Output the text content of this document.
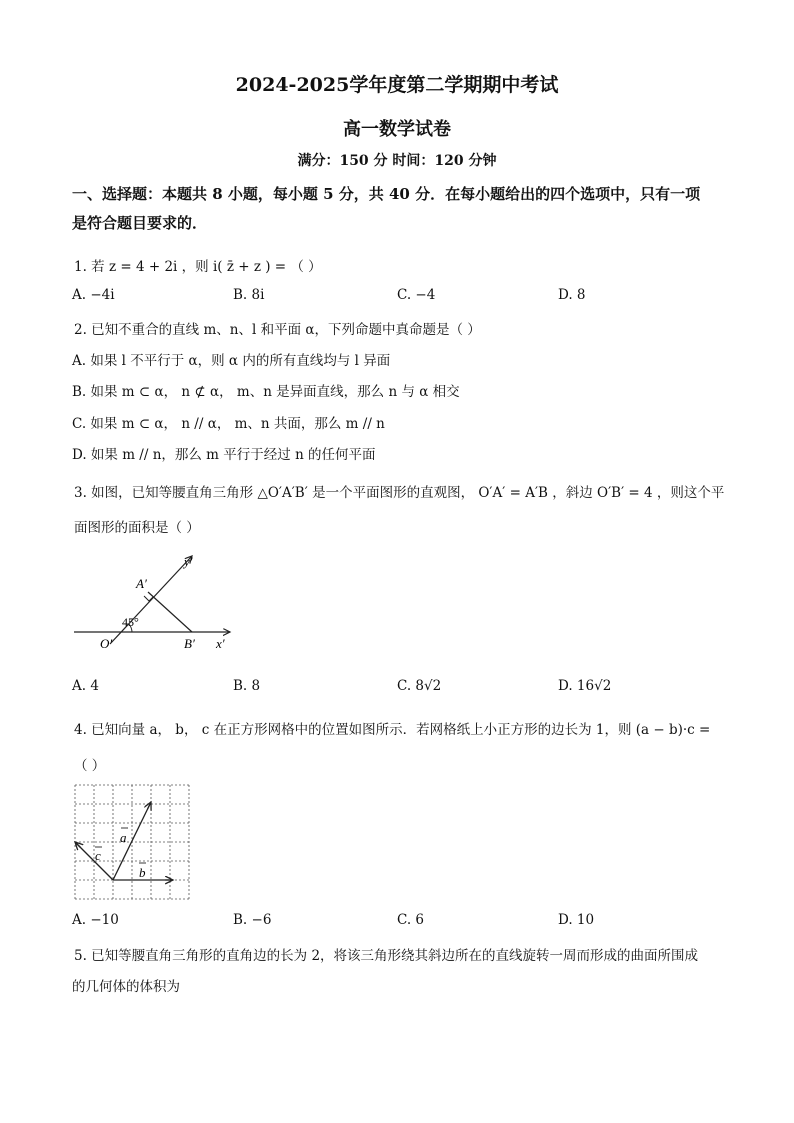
2024-2025学年度第二学期期中考试
高一数学试卷
满分：150 分 时间：120 分钟
一、选择题：本题共 8 小题，每小题 5 分，共 40 分．在每小题给出的四个选项中，只有一项
是符合题目要求的．
1. 若 z = 4 + 2i ，则 i( z̄ + z ) = （ ）
A. −4i	B. 8i	C. −4	D. 8
2. 已知不重合的直线 m、n、l 和平面 α，下列命题中真命题是（ ）
A. 如果 l 不平行于 α，则 α 内的所有直线均与 l 异面
B. 如果 m ⊂ α， n ⊄ α， m、n 是异面直线，那么 n 与 α 相交
C. 如果 m ⊂ α， n // α， m、n 共面，那么 m // n
D. 如果 m // n，那么 m 平行于经过 n 的任何平面
3. 如图，已知等腰直角三角形 △O′A′B′ 是一个平面图形的直观图， O′A′ = A′B ，斜边 O′B′ = 4 ，则这个平
面图形的面积是（ ）
y′
A′
45°
O′	B′ x′
A. 4	B. 8	C. 8√2	D. 16√2
4. 已知向量 a， b， c 在正方形网格中的位置如图所示．若网格纸上小正方形的边长为 1，则 (a − b)·c =
（ ）
a
b
c
A. −10	B. −6	C. 6	D. 10
5. 已知等腰直角三角形的直角边的长为 2，将该三角形绕其斜边所在的直线旋转一周而形成的曲面所围成
的几何体的体积为
